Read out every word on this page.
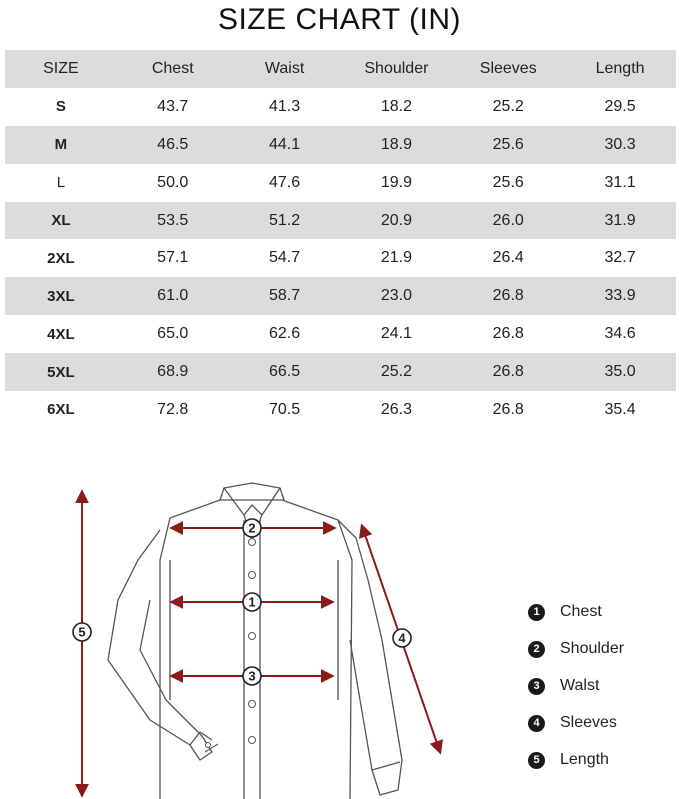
SIZE CHART (IN)
SIZE	Chest	Waist	Shoulder	Sleeves	Length
S	43.7	41.3	18.2	25.2	29.5
M	46.5	44.1	18.9	25.6	30.3
L	50.0	47.6	19.9	25.6	31.1
XL	53.5	51.2	20.9	26.0	31.9
2XL	57.1	54.7	21.9	26.4	32.7
3XL	61.0	58.7	23.0	26.8	33.9
4XL	65.0	62.6	24.1	26.8	34.6
5XL	68.9	66.5	25.2	26.8	35.0
6XL	72.8	70.5	26.3	26.8	35.4
2
1
3
4
5
1	Chest
2	Shoulder
3	Walst
4	Sleeves
5	Length
